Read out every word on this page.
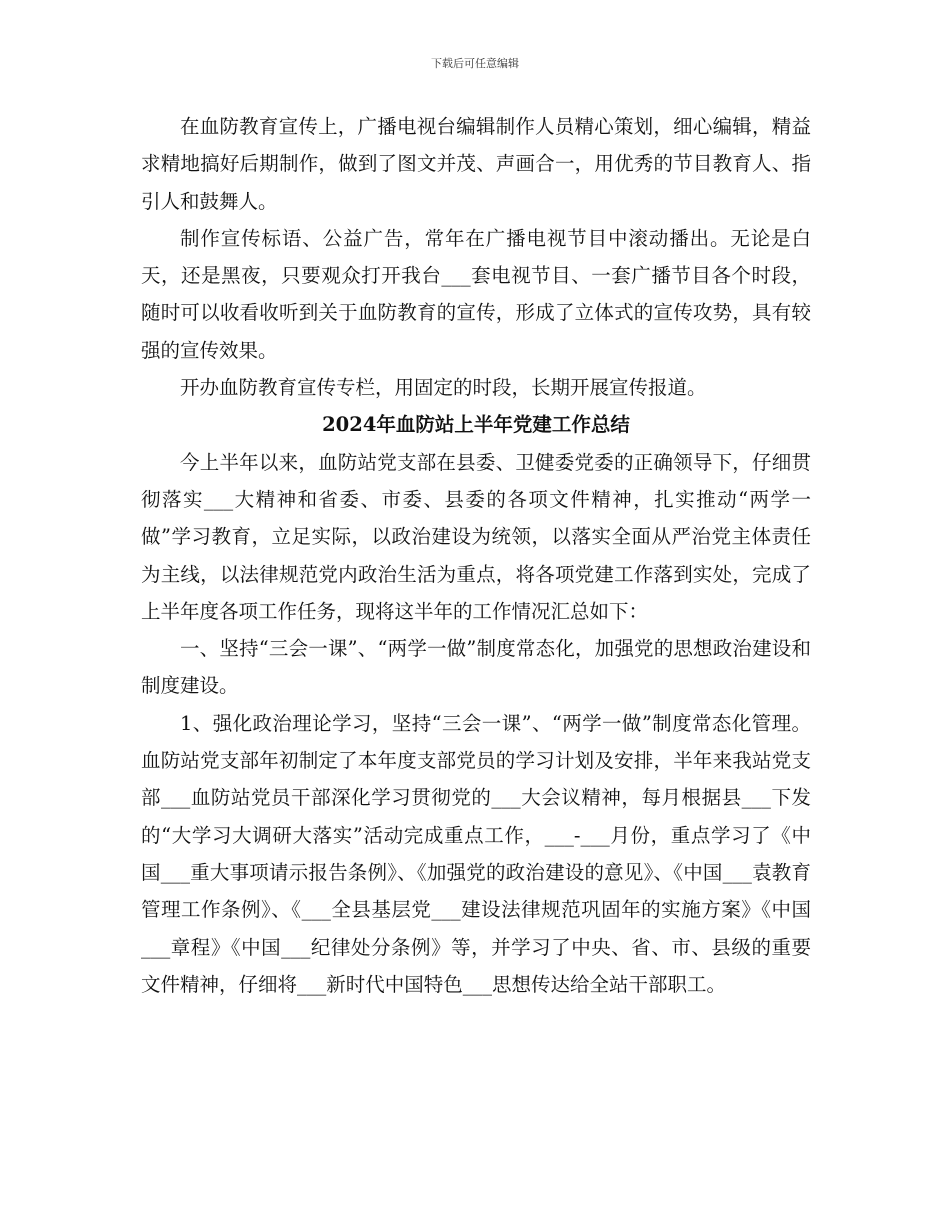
下载后可任意编辑

在血防教育宣传上，广播电视台编辑制作人员精心策划，细心编辑，精益求精地搞好后期制作，做到了图文并茂、声画合一，用优秀的节目教育人、指引人和鼓舞人。

制作宣传标语、公益广告，常年在广播电视节目中滚动播出。无论是白天，还是黑夜，只要观众打开我台___套电视节目、一套广播节目各个时段，随时可以收看收听到关于血防教育的宣传，形成了立体式的宣传攻势，具有较强的宣传效果。

开办血防教育宣传专栏，用固定的时段，长期开展宣传报道。

2024年血防站上半年党建工作总结

今上半年以来，血防站党支部在县委、卫健委党委的正确领导下，仔细贯彻落实___大精神和省委、市委、县委的各项文件精神，扎实推动“两学一做”学习教育，立足实际，以政治建设为统领，以落实全面从严治党主体责任为主线，以法律规范党内政治生活为重点，将各项党建工作落到实处，完成了上半年度各项工作任务，现将这半年的工作情况汇总如下：

一、坚持“三会一课”、“两学一做”制度常态化，加强党的思想政治建设和制度建设。

1、强化政治理论学习，坚持“三会一课”、“两学一做”制度常态化管理。血防站党支部年初制定了本年度支部党员的学习计划及安排，半年来我站党支部___血防站党员干部深化学习贯彻党的___大会议精神，每月根据县___下发的“大学习大调研大落实”活动完成重点工作，___-___月份，重点学习了《中国___重大事项请示报告条例》、《加强党的政治建设的意见》、《中国___袁教育管理工作条例》、《___全县基层党___建设法律规范巩固年的实施方案》《中国___章程》《中国___纪律处分条例》等，并学习了中央、省、市、县级的重要文件精神，仔细将___新时代中国特色___思想传达给全站干部职工。
